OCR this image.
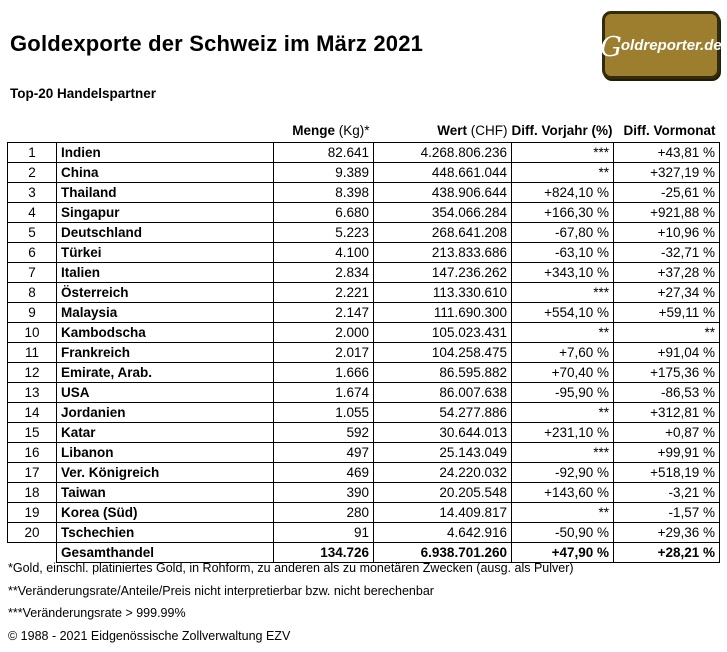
Goldexporte der Schweiz im März 2021	G oldreporter.de
Top-20 Handelspartner
		Menge (Kg)*	Wert (CHF)	Diff. Vorjahr (%)	Diff. Vormonat
1	Indien	82.641	4.268.806.236	***	+43,81 %
2	China	9.389	448.661.044	**	+327,19 %
3	Thailand	8.398	438.906.644	+824,10 %	-25,61 %
4	Singapur	6.680	354.066.284	+166,30 %	+921,88 %
5	Deutschland	5.223	268.641.208	-67,80 %	+10,96 %
6	Türkei	4.100	213.833.686	-63,10 %	-32,71 %
7	Italien	2.834	147.236.262	+343,10 %	+37,28 %
8	Österreich	2.221	113.330.610	***	+27,34 %
9	Malaysia	2.147	111.690.300	+554,10 %	+59,11 %
10	Kambodscha	2.000	105.023.431	**	**
11	Frankreich	2.017	104.258.475	+7,60 %	+91,04 %
12	Emirate, Arab.	1.666	86.595.882	+70,40 %	+175,36 %
13	USA	1.674	86.007.638	-95,90 %	-86,53 %
14	Jordanien	1.055	54.277.886	**	+312,81 %
15	Katar	592	30.644.013	+231,10 %	+0,87 %
16	Libanon	497	25.143.049	***	+99,91 %
17	Ver. Königreich	469	24.220.032	-92,90 %	+518,19 %
18	Taiwan	390	20.205.548	+143,60 %	-3,21 %
19	Korea (Süd)	280	14.409.817	**	-1,57 %
20	Tschechien	91	4.642.916	-50,90 %	+29,36 %
	Gesamthandel	134.726	6.938.701.260	+47,90 %	+28,21 %

*Gold, einschl. platiniertes Gold, in Rohform, zu anderen als zu monetären Zwecken (ausg. als Pulver)

**Veränderungsrate/Anteile/Preis nicht interpretierbar bzw. nicht berechenbar

***Veränderungsrate > 999.99%

© 1988 - 2021 Eidgenössische Zollverwaltung EZV
